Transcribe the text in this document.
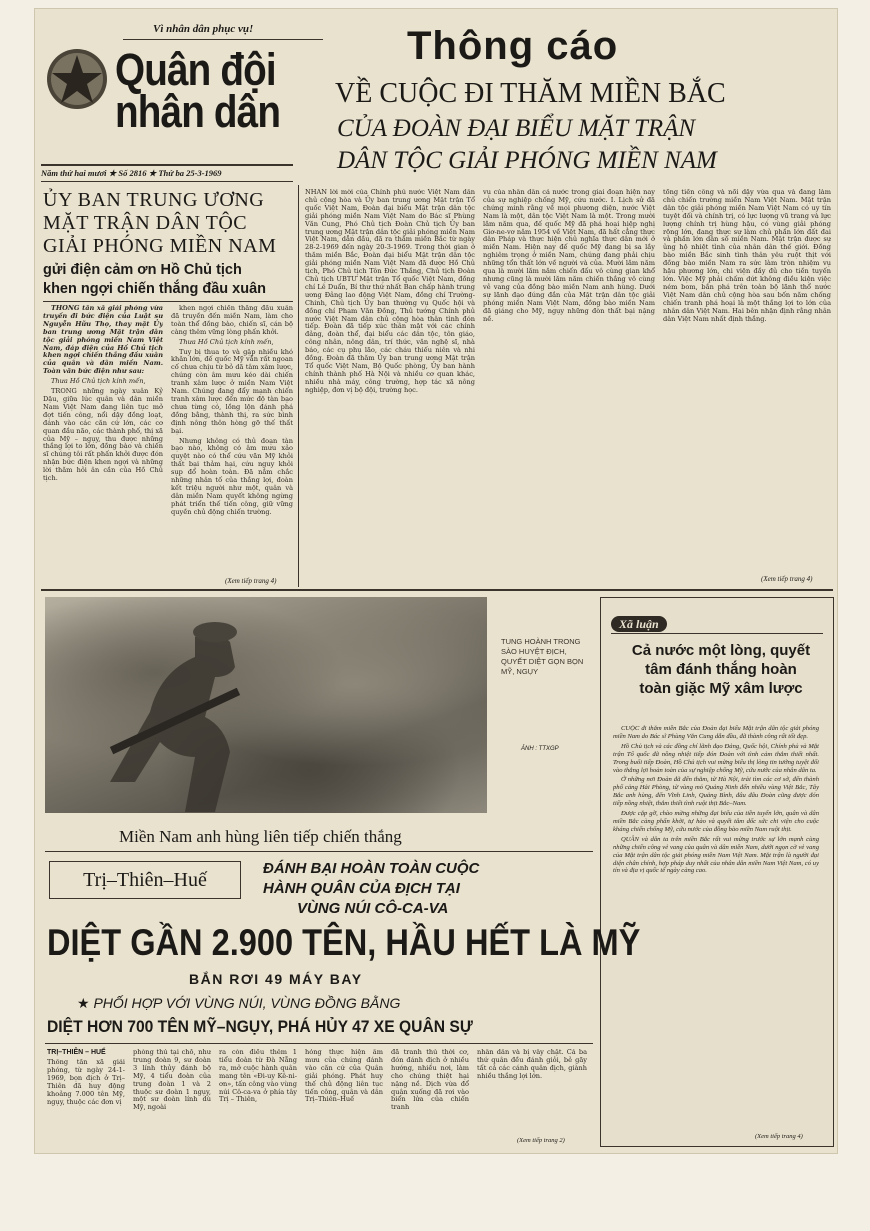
Vì nhân dân phục vụ!
Quân đội
nhân dân
Năm thứ hai mươi ★ Số 2816 ★ Thứ ba 25-3-1969
Thông cáo
VỀ CUỘC ĐI THĂM MIỀN BẮC
CỦA ĐOÀN ĐẠI BIỂU MẶT TRẬN
DÂN TỘC GIẢI PHÓNG MIỀN NAM
ỦY BAN TRUNG ƯƠNG
MẶT TRẬN DÂN TỘC
GIẢI PHÓNG MIỀN NAM
gửi điện cảm ơn Hồ Chủ tịch
khen ngợi chiến thắng đầu xuân

THÔNG tấn xã giải phóng vừa truyền đi bức điện của Luật sư Nguyễn Hữu Thọ, thay mặt Ủy ban trung ương Mặt trận dân tộc giải phóng miền Nam Việt Nam, đáp điện của Hồ Chủ tịch khen ngợi chiến thắng đầu xuân của quân và dân miền Nam. Toàn văn bức điện như sau:

Thưa Hồ Chủ tịch kính mến,

TRONG những ngày xuân Kỷ Dậu, giữa lúc quân và dân miền Nam Việt Nam đang liên tục mở đợt tiến công, nổi dậy đồng loạt, đánh vào các căn cứ lớn, các cơ quan đầu não, các thành phố, thị xã của Mỹ – ngụy, thu được những thắng lợi to lớn, đồng bào và chiến sĩ chúng tôi rất phấn khởi được đón nhận bức điện khen ngợi và những lời thăm hỏi ân cần của Hồ Chủ tịch.

khen ngợi chiến thắng đầu xuân đã truyền đến miền Nam, làm cho toàn thể đồng bào, chiến sĩ, cán bộ càng thêm vững lòng phấn khởi.

Thưa Hồ Chủ tịch kính mến,

Tuy bị thua to và gặp nhiều khó khăn lớn, đế quốc Mỹ vẫn rất ngoan cố chưa chịu từ bỏ dã tâm xâm lược, chúng còn âm mưu kéo dài chiến tranh xâm lược ở miền Nam Việt Nam. Chúng đang đẩy mạnh chiến tranh xâm lược đến mức độ tàn bạo chưa từng có, lồng lộn đánh phá đồng bằng, thành thị, ra sức bình định nông thôn hòng gỡ thế thất bại.

Nhưng không có thủ đoạn tàn bạo nào, không có âm mưu xảo quyệt nào có thể cứu vãn Mỹ khỏi thất bại thảm hại, cứu nguy khỏi sụp đổ hoàn toàn. Đã nắm chắc những nhân tố của thắng lợi, đoàn kết triệu người như một, quân và dân miền Nam quyết không ngừng phát triển thế tiến công, giữ vững quyền chủ động chiến trường.

(Xem tiếp trang 4)
NHÂN lời mời của Chính phủ nước Việt Nam dân chủ cộng hòa và Ủy ban trung ương Mặt trận Tổ quốc Việt Nam, Đoàn đại biểu Mặt trận dân tộc giải phóng miền Nam Việt Nam do Bác sĩ Phùng Văn Cung, Phó Chủ tịch Đoàn Chủ tịch Ủy ban trung ương Mặt trận dân tộc giải phóng miền Nam Việt Nam, dẫn đầu, đã ra thăm miền Bắc từ ngày 28-2-1969 đến ngày 20-3-1969. Trong thời gian ở thăm miền Bắc, Đoàn đại biểu Mặt trận dân tộc giải phóng miền Nam Việt Nam đã được Hồ Chủ tịch, Phó Chủ tịch Tôn Đức Thắng, Chủ tịch Đoàn Chủ tịch UBTƯ Mặt trận Tổ quốc Việt Nam, đồng chí Lê Duẩn, Bí thư thứ nhất Ban chấp hành trung ương Đảng lao động Việt Nam, đồng chí Trường-Chinh, Chủ tịch Ủy ban thường vụ Quốc hội và đồng chí Phạm Văn Đồng, Thủ tướng Chính phủ nước Việt Nam dân chủ cộng hòa thân tình đón tiếp. Đoàn đã tiếp xúc thân mật với các chính đảng, đoàn thể, đại biểu các dân tộc, tôn giáo, công nhân, nông dân, trí thức, văn nghệ sĩ, nhà báo, các cụ phụ lão, các cháu thiếu niên và nhi đồng. Đoàn đã thăm Ủy ban trung ương Mặt trận Tổ quốc Việt Nam, Bộ Quốc phòng, Ủy ban hành chính thành phố Hà Nội và nhiều cơ quan khác, nhiều nhà máy, công trường, hợp tác xã nông nghiệp, đơn vị bộ đội, trường học.
vụ của nhân dân cả nước trong giai đoạn hiện nay của sự nghiệp chống Mỹ, cứu nước. I. Lịch sử đã chứng minh rằng về mọi phương diện, nước Việt Nam là một, dân tộc Việt Nam là một. Trong mười lăm năm qua, đế quốc Mỹ đã phá hoại hiệp nghị Giơ-ne-vơ năm 1954 về Việt Nam, đã hất cẳng thực dân Pháp và thực hiện chủ nghĩa thực dân mới ở miền Nam. Hiện nay đế quốc Mỹ đang bị sa lầy nghiêm trọng ở miền Nam, chúng đang phải chịu những tổn thất lớn về người và của. Mười lăm năm qua là mười lăm năm chiến đấu vô cùng gian khổ nhưng cũng là mười lăm năm chiến thắng vô cùng vẻ vang của đồng bào miền Nam anh hùng. Dưới sự lãnh đạo đúng đắn của Mặt trận dân tộc giải phóng miền Nam Việt Nam, đồng bào miền Nam đã giáng cho Mỹ, ngụy những đòn thất bại nặng nề.
tổng tiến công và nổi dậy vừa qua và đang làm chủ chiến trường miền Nam Việt Nam. Mặt trận dân tộc giải phóng miền Nam Việt Nam có uy tín tuyệt đối và chính trị, có lực lượng vũ trang và lực lượng chính trị hùng hậu, có vùng giải phóng rộng lớn, đang thực sự làm chủ phần lớn đất đai và phần lớn dân số miền Nam. Mặt trận được sự ủng hộ nhiệt tình của nhân dân thế giới. Đồng bào miền Bắc sinh tình thân yêu ruột thịt với đồng bào miền Nam ra sức làm tròn nhiệm vụ hậu phương lớn, chi viện đầy đủ cho tiền tuyến lớn. Việc Mỹ phải chấm dứt không điều kiện việc ném bom, bắn phá trên toàn bộ lãnh thổ nước Việt Nam dân chủ cộng hòa sau bốn năm chống chiến tranh phá hoại là một thắng lợi to lớn của nhân dân Việt Nam. Hai bên nhận định rằng nhân dân Việt Nam nhất định thắng.
(Xem tiếp trang 4)
TUNG HOÀNH TRONG SÀO HUYỆT ĐỊCH, QUYẾT DIỆT GỌN BỌN MỸ, NGỤY
ẢNH : TTXGP
Xã luận
Cả nước một lòng, quyết tâm đánh thắng hoàn toàn giặc Mỹ xâm lược

CUỘC đi thăm miền Bắc của Đoàn đại biểu Mặt trận dân tộc giải phóng miền Nam do Bác sĩ Phùng Văn Cung dẫn đầu, đã thành công rất tốt đẹp.

Hồ Chủ tịch và các đồng chí lãnh đạo Đảng, Quốc hội, Chính phủ và Mặt trận Tổ quốc đã nồng nhiệt tiếp đón Đoàn với tình cảm thắm thiết nhất. Trong buổi tiếp Đoàn, Hồ Chủ tịch vui mừng biểu thị lòng tin tưởng tuyệt đối vào thắng lợi hoàn toàn của sự nghiệp chống Mỹ, cứu nước của nhân dân ta.

Ở những nơi Đoàn đã đến thăm, từ Hà Nội, trải tìm các cơ sở, đến thành phố cảng Hải Phòng, từ vùng mỏ Quảng Ninh đến nhiều vùng Việt Bắc, Tây Bắc anh hùng, đến Vĩnh Linh, Quảng Bình, đâu đâu Đoàn cũng được đón tiếp nồng nhiệt, thắm thiết tình ruột thịt Bắc–Nam.

Được cặp gỡ, chào mừng những đại biểu của tiền tuyến lớn, quân và dân miền Bắc càng phấn khởi, tự hào và quyết tâm dốc sức chi viện cho cuộc kháng chiến chống Mỹ, cứu nước của đồng bào miền Nam ruột thịt.

QUÂN và dân ta trên miền Bắc rất vui mừng trước sự lớn mạnh cùng những chiến công vẻ vang của quân và dân miền Nam, dưới ngọn cờ vẻ vang của Mặt trận dân tộc giải phóng miền Nam Việt Nam. Mặt trận là người đại diện chân chính, hợp pháp duy nhất của nhân dân miền Nam Việt Nam, có uy tín và địa vị quốc tế ngày càng cao.

(Xem tiếp trang 4)
Miền Nam anh hùng liên tiếp chiến thắng
Trị–Thiên–Huế
ĐÁNH BẠI HOÀN TOÀN CUỘC
HÀNH QUÂN CỦA ĐỊCH TẠI
VÙNG NÚI CÔ-CA-VA
DIỆT GẦN 2.900 TÊN, HẦU HẾT LÀ MỸ
BẮN RƠI 49 MÁY BAY
★ PHỐI HỢP VỚI VÙNG NÚI, VÙNG ĐỒNG BẰNG
DIỆT HƠN 700 TÊN MỸ–NGỤY, PHÁ HỦY 47 XE QUÂN SỰ
TRỊ–THIÊN – HUẾ
Thông tấn xã giải phóng, từ ngày 24-1-1969, bọn địch ở Trị–Thiên đã huy động khoảng 7.000 tên Mỹ, ngụy, thuộc các đơn vị
phòng thủ tại chỗ, như trung đoàn 9, sư đoàn 3 lính thủy đánh bộ Mỹ, 4 tiểu đoàn của trung đoàn 1 và 2 thuộc sư đoàn 1 ngụy, một sư đoàn lính dù Mỹ, ngoài
ra còn điều thêm 1 tiểu đoàn từ Đà Nẵng ra, mở cuộc hành quân mang tên «Đi-uy Kê-ni-ơn», tấn công vào vùng núi Cô-ca-va ở phía tây Trị – Thiên,
hỏng thực hiện âm mưu của chúng đánh vào căn cứ của Quân giải phóng. Phát huy thế chủ động liên tục tiến công, quân và dân Trị–Thiên–Huế
đã tranh thủ thời cơ, đón đánh địch ở nhiều hướng, nhiều nơi, làm cho chúng thiệt hại nặng nề. Dịch vừa đổ quân xuống đã rơi vào biển lửa của chiến tranh
nhân dân và bị vây chặt. Cả ba thứ quân đều đánh giỏi, bẻ gãy tất cả các cánh quân địch, giành nhiều thắng lợi lớn.
(Xem tiếp trang 2)
